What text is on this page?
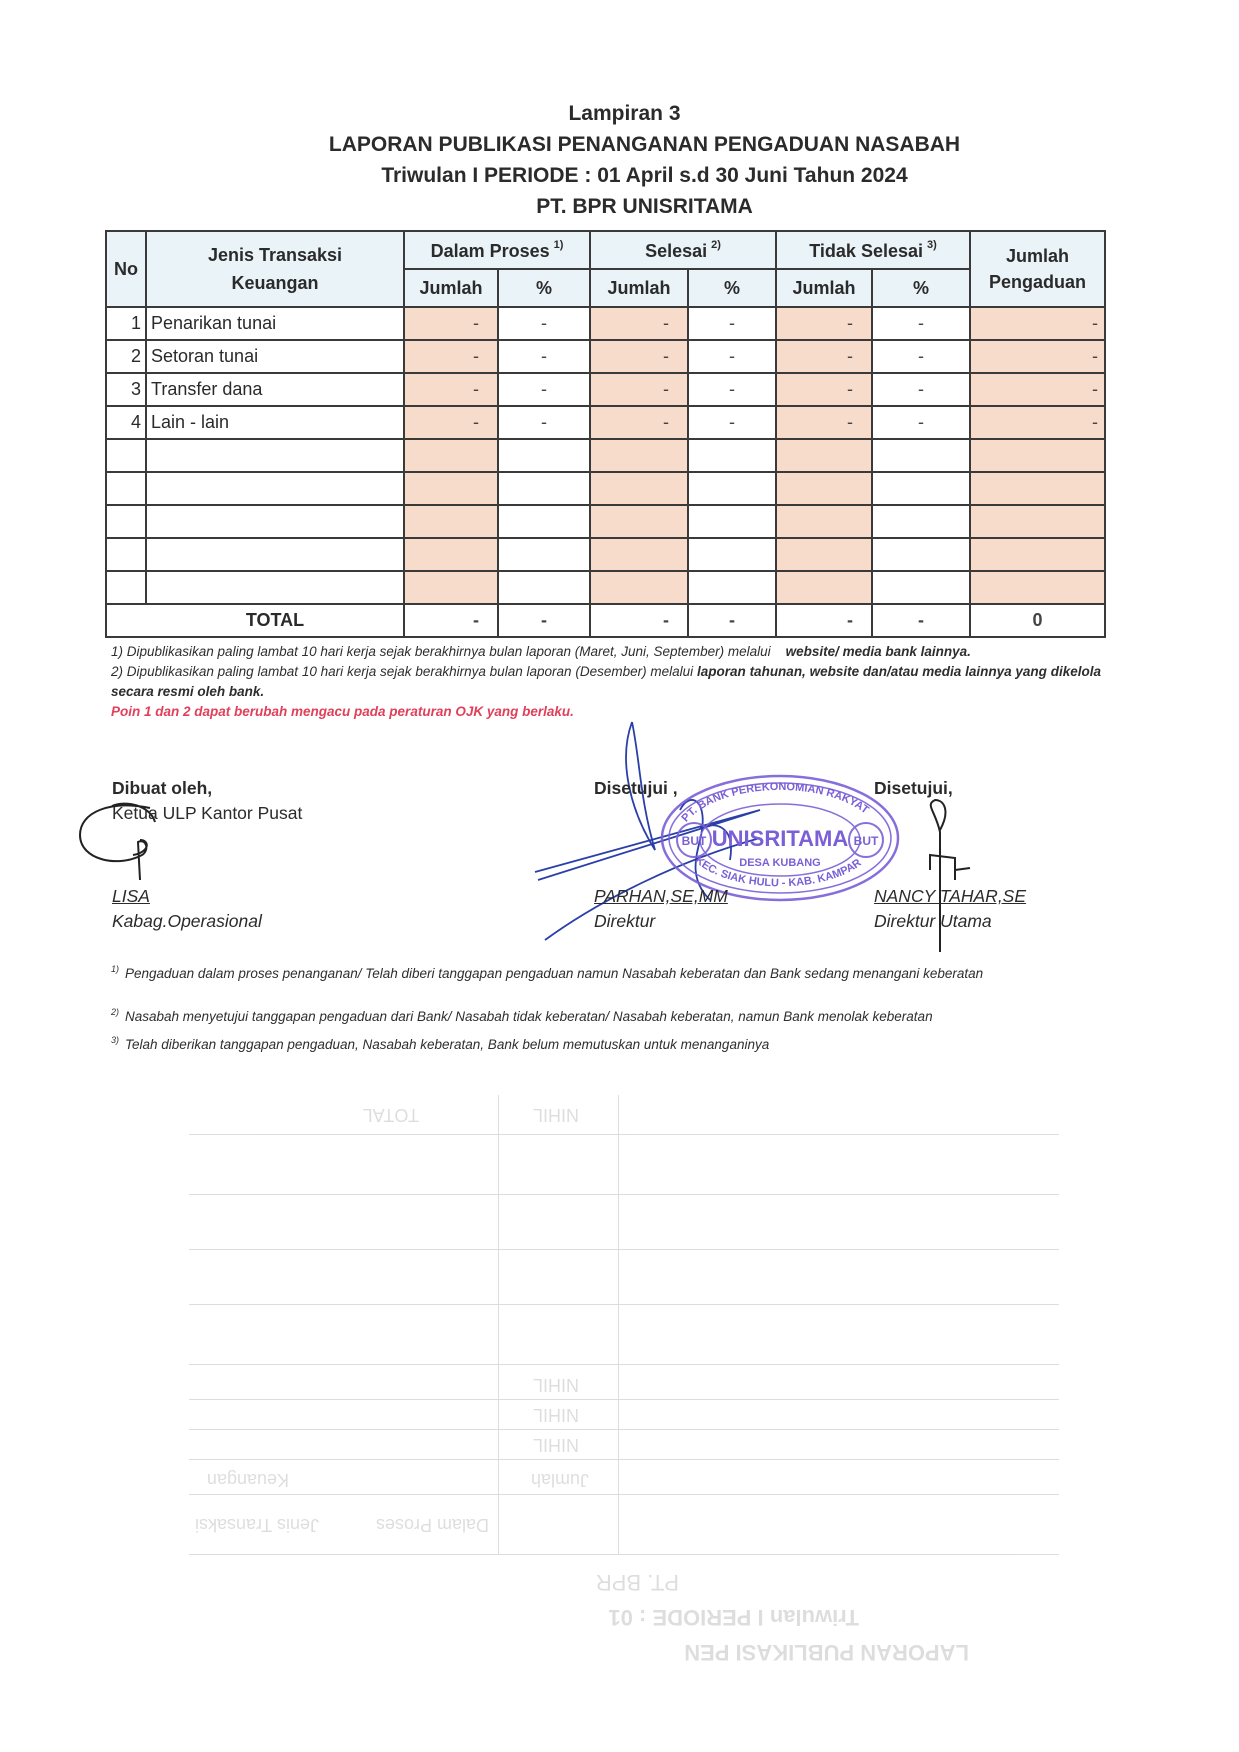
Lampiran 3
LAPORAN PUBLIKASI PENANGANAN PENGADUAN NASABAH
Triwulan I PERIODE : 01 April s.d 30 Juni Tahun 2024
PT. BPR UNISRITAMA
No	Jenis Transaksi Keuangan	Dalam Proses $^{1)}$		Selesai $^{2)}$		Tidak Selesai $^{3)}$		Jumlah Pengaduan
		Jumlah	%	Jumlah	%	Jumlah	%	
1	Penarikan tunai	-	-	-	-	-	-	-
2	Setoran tunai	-	-	-	-	-	-	-
3	Transfer dana	-	-	-	-	-	-	-
4	Lain - lain	-	-	-	-	-	-	-

TOTAL		-	-	-	-	-	-	0
1) Dipublikasikan paling lambat 10 hari kerja sejak berakhirnya bulan laporan (Maret, Juni, September) melalui website/ media bank lainnya.
2) Dipublikasikan paling lambat 10 hari kerja sejak berakhirnya bulan laporan (Desember) melalui laporan tahunan, website dan/atau media lainnya yang dikelola secara resmi oleh bank.
Poin 1 dan 2 dapat berubah mengacu pada peraturan OJK yang berlaku.
Dibuat oleh,
Ketua ULP Kantor Pusat
LISA
Kabag.Operasional
Disetujui ,
PARHAN,SE,MM
Direktur
Disetujui,
NANCY TAHAR,SE
Direktur Utama
PT. BANK PEREKONOMIAN RAKYAT
UNISRITAMA
BUT	BUT
DESA KUBANG
KEC. SIAK HULU - KAB. KAMPAR
$^{1)}$ Pengaduan dalam proses penanganan/ Telah diberi tanggapan pengaduan namun Nasabah keberatan dan Bank sedang menangani keberatan
$^{2)}$ Nasabah menyetujui tanggapan pengaduan dari Bank/ Nasabah tidak keberatan/ Nasabah keberatan, namun Bank menolak keberatan
$^{3)}$ Telah diberikan tanggapan pengaduan, Nasabah keberatan, Bank belum memutuskan untuk menanganinya
LAPORAN PUBLIKASI PEN
Triwulan I PERIODE : 01
PT. BPR
Dalam Proses
Jenis Transaksi
Keuangan	Jumlah
NIHIL
NIHIL
NIHIL
NIHIL
TOTAL
